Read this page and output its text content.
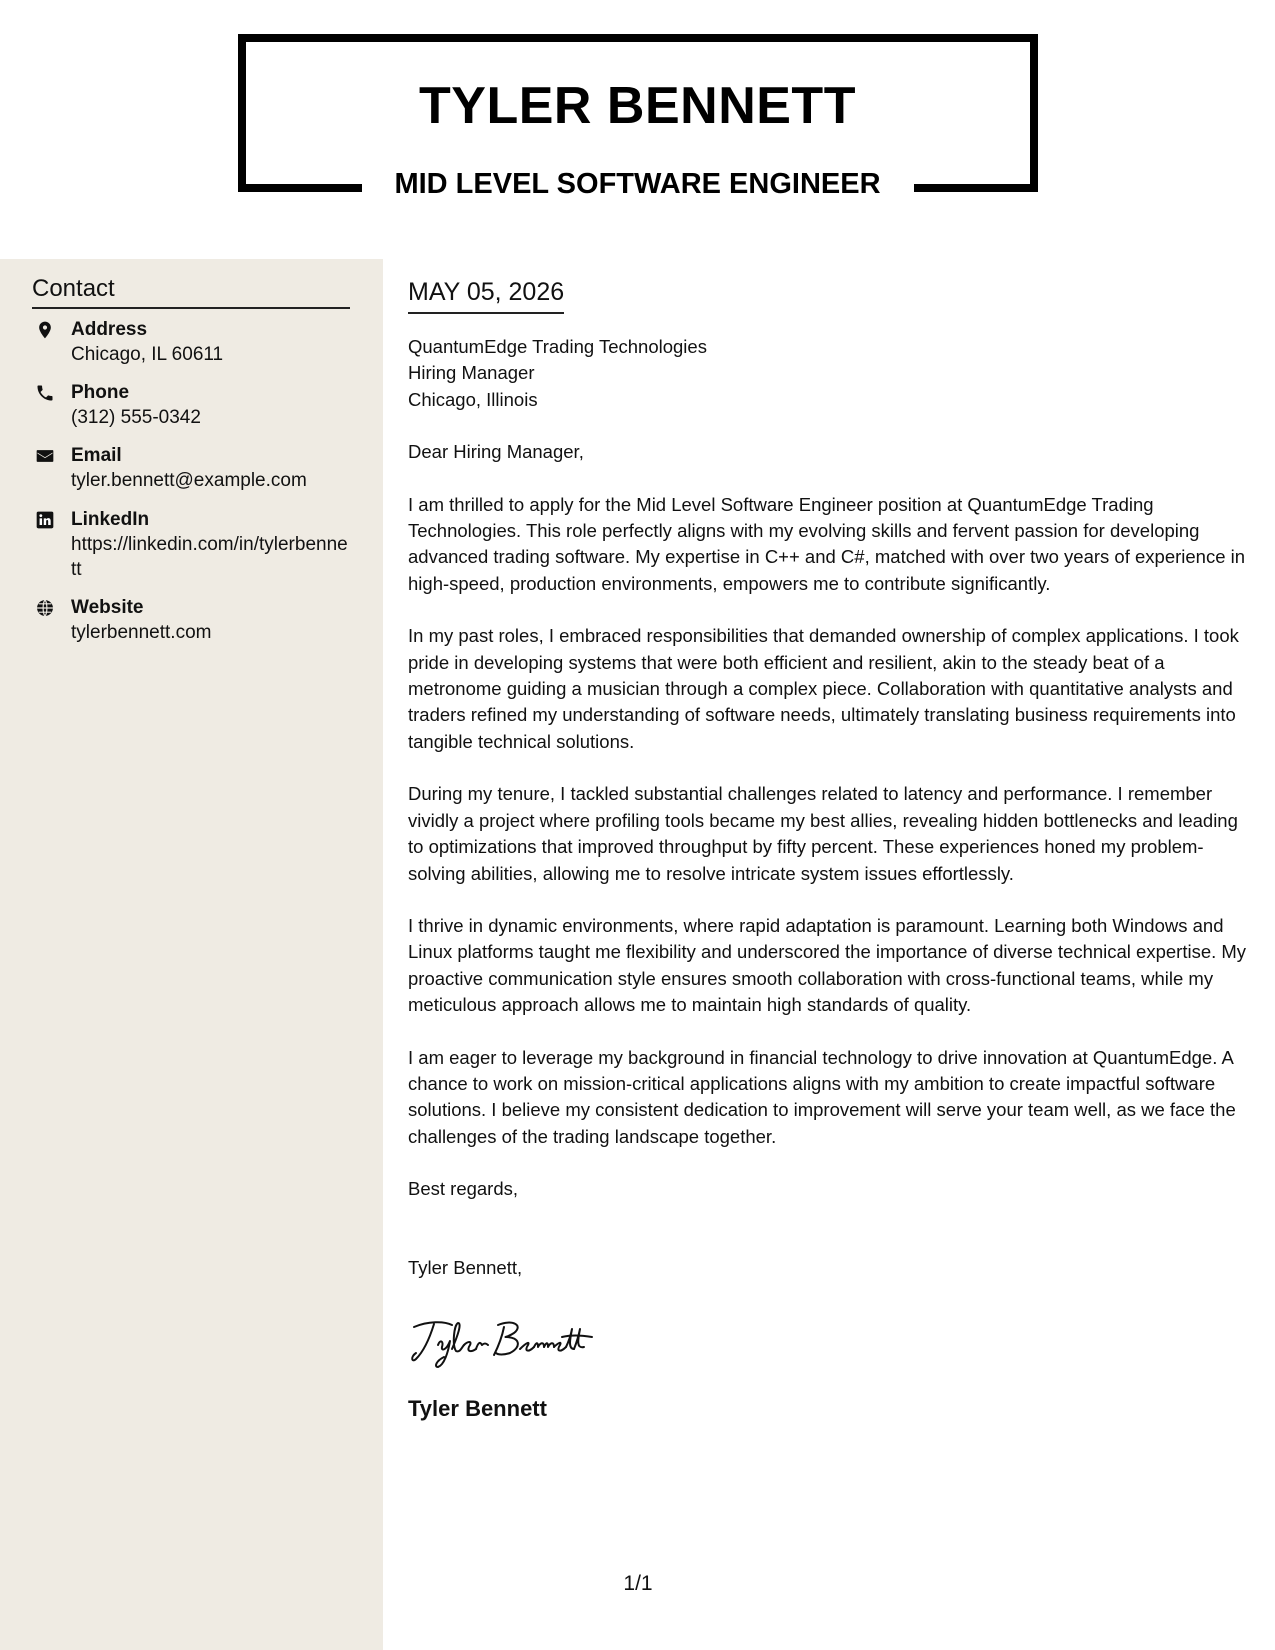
TYLER BENNETT
MID LEVEL SOFTWARE ENGINEER
Contact
Address
Chicago, IL 60611
Phone
(312) 555-0342
Email
tyler.bennett@example.com
LinkedIn
https://linkedin.com/in/tylerbennett
Website
tylerbennett.com
MAY 05, 2026

QuantumEdge Trading Technologies

Hiring Manager

Chicago, Illinois

Dear Hiring Manager,

I am thrilled to apply for the Mid Level Software Engineer position at QuantumEdge Trading Technologies. This role perfectly aligns with my evolving skills and fervent passion for developing advanced trading software. My expertise in C++ and C#, matched with over two years of experience in high-speed, production environments, empowers me to contribute significantly.

In my past roles, I embraced responsibilities that demanded ownership of complex applications. I took pride in developing systems that were both efficient and resilient, akin to the steady beat of a metronome guiding a musician through a complex piece. Collaboration with quantitative analysts and traders refined my understanding of software needs, ultimately translating business requirements into tangible technical solutions.

During my tenure, I tackled substantial challenges related to latency and performance. I remember vividly a project where profiling tools became my best allies, revealing hidden bottlenecks and leading to optimizations that improved throughput by fifty percent. These experiences honed my problem-solving abilities, allowing me to resolve intricate system issues effortlessly.

I thrive in dynamic environments, where rapid adaptation is paramount. Learning both Windows and Linux platforms taught me flexibility and underscored the importance of diverse technical expertise. My proactive communication style ensures smooth collaboration with cross-functional teams, while my meticulous approach allows me to maintain high standards of quality.

I am eager to leverage my background in financial technology to drive innovation at QuantumEdge. A chance to work on mission-critical applications aligns with my ambition to create impactful software solutions. I believe my consistent dedication to improvement will serve your team well, as we face the challenges of the trading landscape together.

Best regards,

Tyler Bennett,

Tyler Bennett
1/1
